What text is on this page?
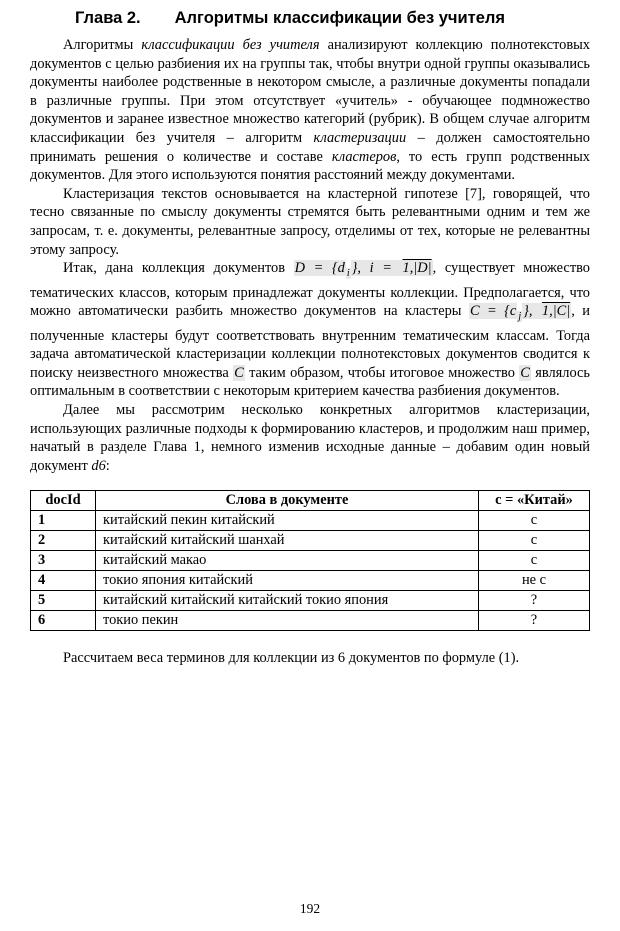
Глава 2. Алгоритмы классификации без учителя

Алгоритмы классификации без учителя анализируют коллекцию полнотекстовых документов с целью разбиения их на группы так, чтобы внутри одной группы оказывались документы наиболее родственные в некотором смысле, а различные документы попадали в различные группы. При этом отсутствует «учитель» - обучающее подмножество документов и заранее известное множество категорий (рубрик). В общем случае алгоритм классификации без учителя – алгоритм кластеризации – должен самостоятельно принимать решения о количестве и составе кластеров, то есть групп родственных документов. Для этого используются понятия расстояний между документами.

Кластеризация текстов основывается на кластерной гипотезе [7], говорящей, что тесно связанные по смыслу документы стремятся быть релевантными одним и тем же запросам, т. е. документы, релевантные запросу, отделимы от тех, которые не релевантны этому запросу.

Итак, дана коллекция документов D = {d $_i$ }, i = 1,|D|, существует множество тематических классов, которым принадлежат документы коллекции. Предполагается, что можно автоматически разбить множество документов на кластеры C = {c $_j$ }, 1,|C|, и полученные кластеры будут соответствовать внутренним тематическим классам. Тогда задача автоматической кластеризации коллекции полнотекстовых документов сводится к поиску неизвестного множества C таким образом, чтобы итоговое множество C являлось оптимальным в соответствии с некоторым критерием качества разбиения документов.

Далее мы рассмотрим несколько конкретных алгоритмов кластеризации, использующих различные подходы к формированию кластеров, и продолжим наш пример, начатый в разделе Глава 1, немного изменив исходные данные – добавим один новый документ d6:

docId	Слова в документе	c = «Китай»
1	китайский пекин китайский	c
2	китайский китайский шанхай	c
3	китайский макао	c
4	токио япония китайский	не c
5	китайский китайский китайский токио япония	?
6	токио пекин	?

Рассчитаем веса терминов для коллекции из 6 документов по формуле (1).

192
